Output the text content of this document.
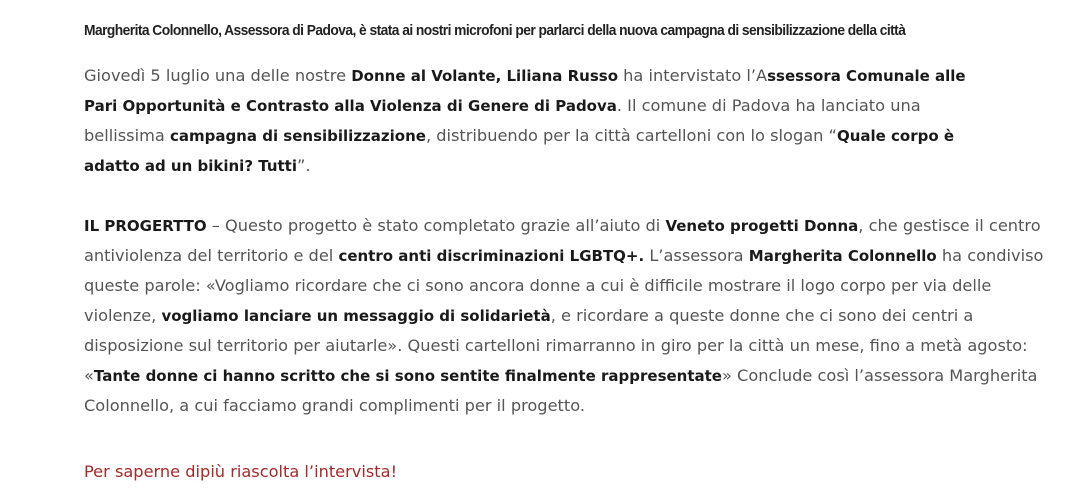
Margherita Colonnello, Assessora di Padova, è stata ai nostri microfoni per parlarci della nuova campagna di sensibilizzazione della città

Giovedì 5 luglio una delle nostre Donne al Volante, Liliana Russo ha intervistato l’Assessora Comunale alle Pari Opportunità e Contrasto alla Violenza di Genere di Padova. Il comune di Padova ha lanciato una bellissima campagna di sensibilizzazione, distribuendo per la città cartelloni con lo slogan “Quale corpo è adatto ad un bikini? Tutti”.

IL PROGERTTO – Questo progetto è stato completato grazie all’aiuto di Veneto progetti Donna, che gestisce il centro antiviolenza del territorio e del centro anti discriminazioni LGBTQ+. L’assessora Margherita Colonnello ha condiviso queste parole: «Vogliamo ricordare che ci sono ancora donne a cui è difficile mostrare il logo corpo per via delle violenze, vogliamo lanciare un messaggio di solidarietà, e ricordare a queste donne che ci sono dei centri a disposizione sul territorio per aiutarle». Questi cartelloni rimarranno in giro per la città un mese, fino a metà agosto: «Tante donne ci hanno scritto che si sono sentite finalmente rappresentate» Conclude così l’assessora Margherita Colonnello, a cui facciamo grandi complimenti per il progetto.

Per saperne dipiù riascolta l’intervista!
